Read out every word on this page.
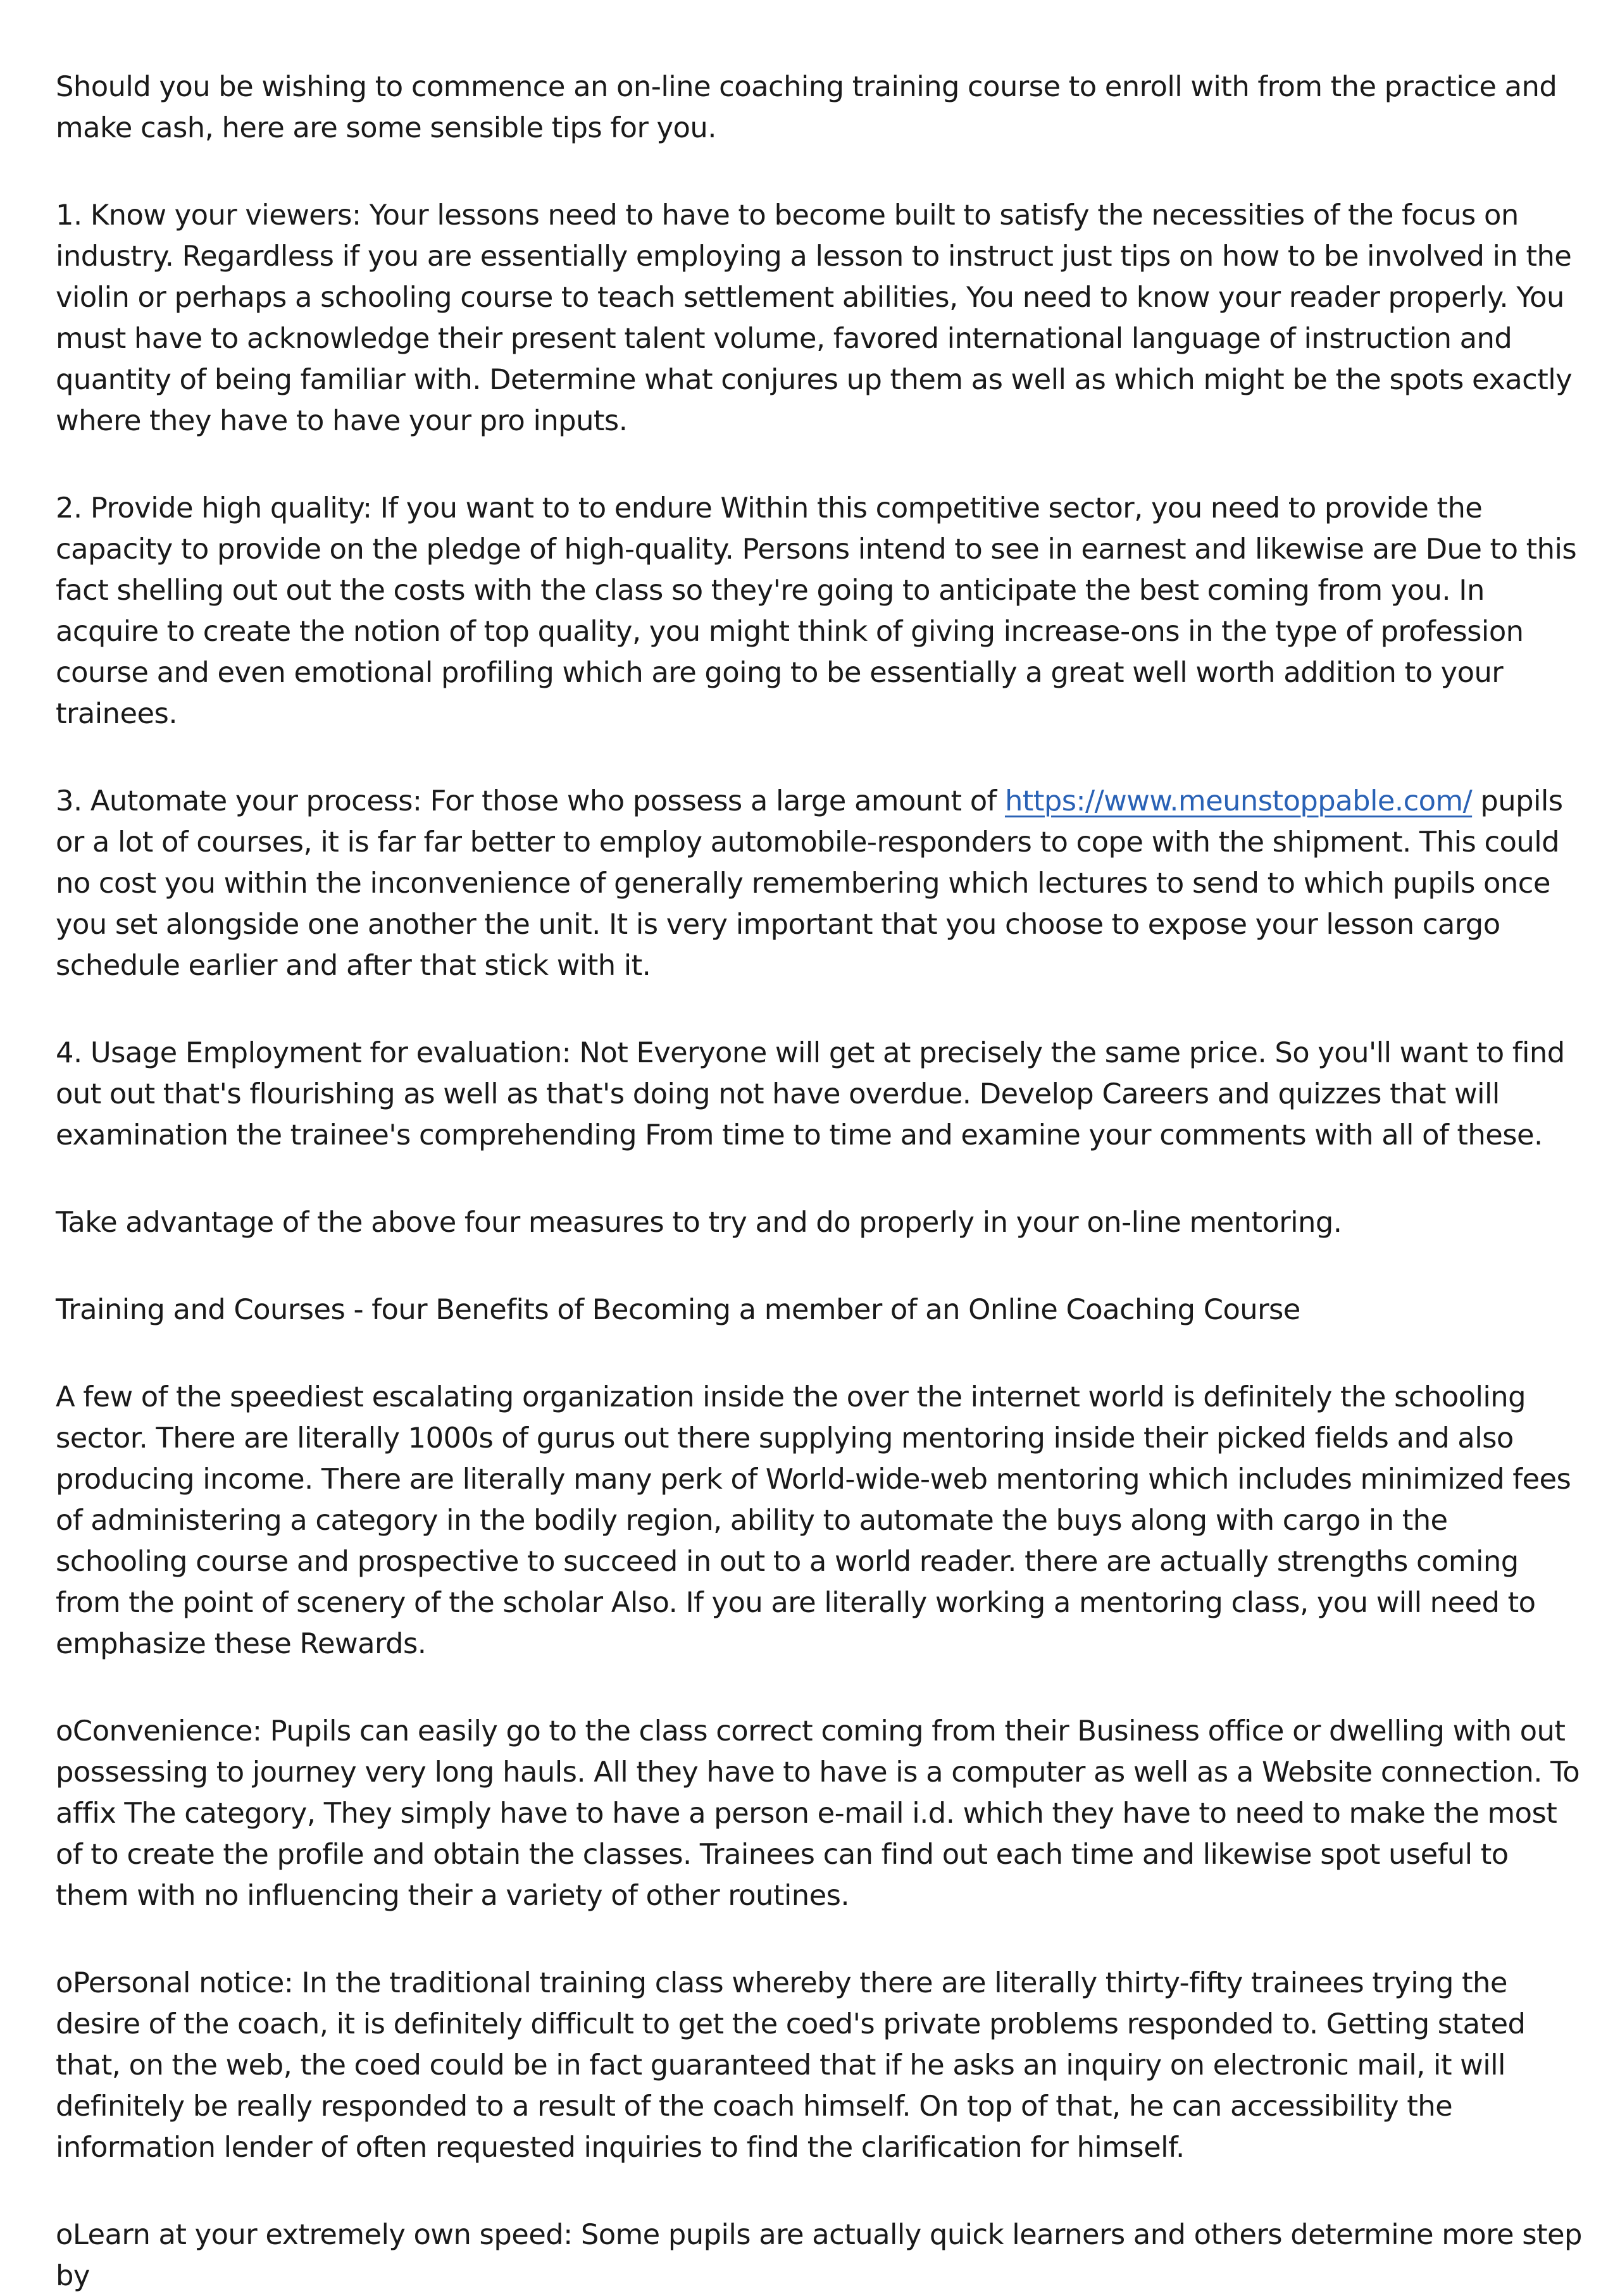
Should you be wishing to commence an on-line coaching training course to enroll with from the practice and make cash, here are some sensible tips for you.

1. Know your viewers: Your lessons need to have to become built to satisfy the necessities of the focus on industry. Regardless if you are essentially employing a lesson to instruct just tips on how to be involved in the violin or perhaps a schooling course to teach settlement abilities, You need to know your reader properly. You must have to acknowledge their present talent volume, favored international language of instruction and quantity of being familiar with. Determine what conjures up them as well as which might be the spots exactly where they have to have your pro inputs.

2. Provide high quality: If you want to to endure Within this competitive sector, you need to provide the capacity to provide on the pledge of high-quality. Persons intend to see in earnest and likewise are Due to this fact shelling out out the costs with the class so they're going to anticipate the best coming from you. In acquire to create the notion of top quality, you might think of giving increase-ons in the type of profession course and even emotional profiling which are going to be essentially a great well worth addition to your trainees.

3. Automate your process: For those who possess a large amount of https://www.meunstoppable.com/ pupils or a lot of courses, it is far far better to employ automobile-responders to cope with the shipment. This could no cost you within the inconvenience of generally remembering which lectures to send to which pupils once you set alongside one another the unit. It is very important that you choose to expose your lesson cargo schedule earlier and after that stick with it.

4. Usage Employment for evaluation: Not Everyone will get at precisely the same price. So you'll want to find out out that's flourishing as well as that's doing not have overdue. Develop Careers and quizzes that will examination the trainee's comprehending From time to time and examine your comments with all of these.

Take advantage of the above four measures to try and do properly in your on-line mentoring.

Training and Courses - four Benefits of Becoming a member of an Online Coaching Course

A few of the speediest escalating organization inside the over the internet world is definitely the schooling sector. There are literally 1000s of gurus out there supplying mentoring inside their picked fields and also producing income. There are literally many perk of World-wide-web mentoring which includes minimized fees of administering a category in the bodily region, ability to automate the buys along with cargo in the schooling course and prospective to succeed in out to a world reader. there are actually strengths coming from the point of scenery of the scholar Also. If you are literally working a mentoring class, you will need to emphasize these Rewards.

oConvenience: Pupils can easily go to the class correct coming from their Business office or dwelling with out possessing to journey very long hauls. All they have to have is a computer as well as a Website connection. To affix The category, They simply have to have a person e-mail i.d. which they have to need to make the most of to create the profile and obtain the classes. Trainees can find out each time and likewise spot useful to them with no influencing their a variety of other routines.

oPersonal notice: In the traditional training class whereby there are literally thirty-fifty trainees trying the desire of the coach, it is definitely difficult to get the coed's private problems responded to. Getting stated that, on the web, the coed could be in fact guaranteed that if he asks an inquiry on electronic mail, it will definitely be really responded to a result of the coach himself. On top of that, he can accessibility the information lender of often requested inquiries to find the clarification for himself.

oLearn at your extremely own speed: Some pupils are actually quick learners and others determine more step by
